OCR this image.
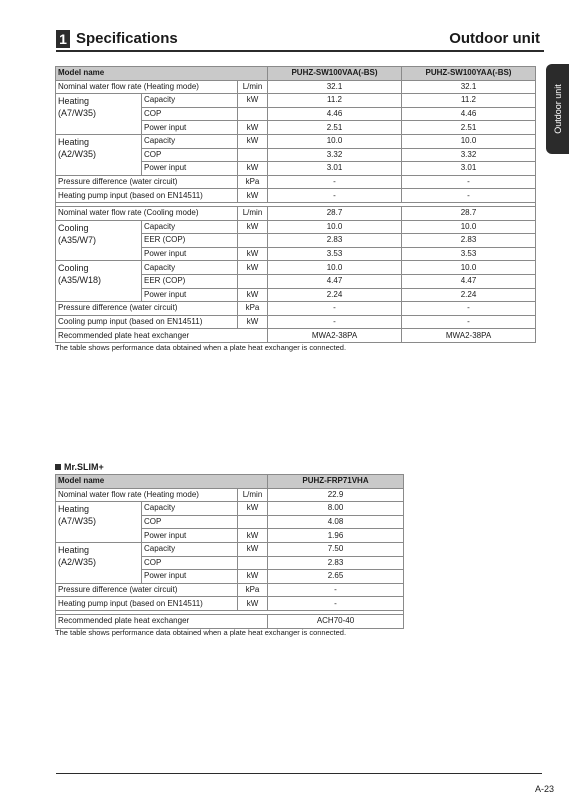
1 Specifications	Outdoor unit
Outdoor unit
Model name			PUHZ-SW100VAA(-BS)	PUHZ-SW100YAA(-BS)
Nominal water flow rate (Heating mode)		L/min	32.1	32.1
Heating
(A7/W35)	Capacity	kW	11.2	11.2
	COP		4.46	4.46
	Power input	kW	2.51	2.51
Heating
(A2/W35)	Capacity	kW	10.0	10.0
	COP		3.32	3.32
	Power input	kW	3.01	3.01
Pressure difference (water circuit)		kPa	-	-
Heating pump input (based on EN14511)		kW	-	-

Nominal water flow rate (Cooling mode)		L/min	28.7	28.7
Cooling
(A35/W7)	Capacity	kW	10.0	10.0
	EER (COP)		2.83	2.83
	Power input	kW	3.53	3.53
Cooling
(A35/W18)	Capacity	kW	10.0	10.0
	EER (COP)		4.47	4.47
	Power input	kW	2.24	2.24
Pressure difference (water circuit)		kPa	-	-
Cooling pump input (based on EN14511)		kW	-	-
Recommended plate heat exchanger			MWA2-38PA	MWA2-38PA
The table shows performance data obtained when a plate heat exchanger is connected.
Mr.SLIM+
Model name			PUHZ-FRP71VHA
Nominal water flow rate (Heating mode)		L/min	22.9
Heating
(A7/W35)	Capacity	kW	8.00
	COP		4.08
	Power input	kW	1.96
Heating
(A2/W35)	Capacity	kW	7.50
	COP		2.83
	Power input	kW	2.65
Pressure difference (water circuit)		kPa	-
Heating pump input (based on EN14511)		kW	-

Recommended plate heat exchanger			ACH70-40
The table shows performance data obtained when a plate heat exchanger is connected.
A-23
